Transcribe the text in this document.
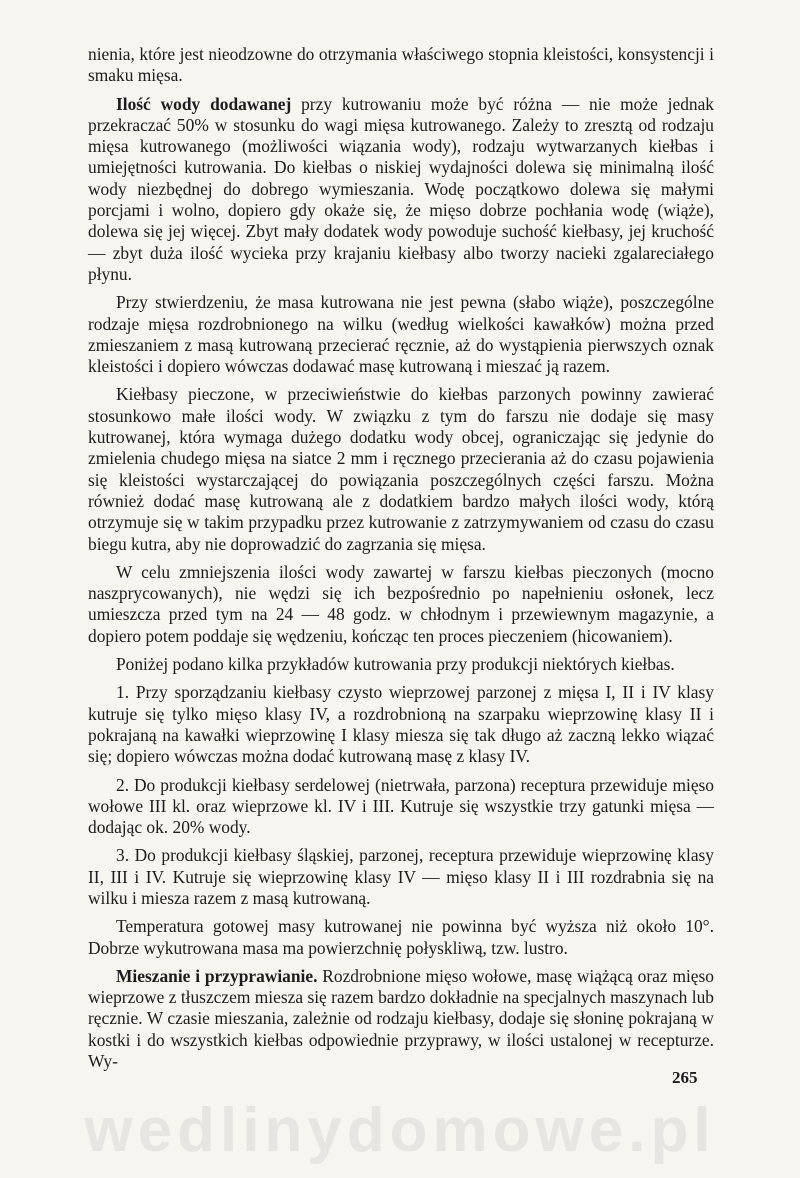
nienia, które jest nieodzowne do otrzymania właściwego stopnia kleistości, konsystencji i smaku mięsa.

Ilość wody dodawanej przy kutrowaniu może być różna — nie może jednak przekraczać 50% w stosunku do wagi mięsa kutrowanego. Zależy to zresztą od rodzaju mięsa kutrowanego (możliwości wiązania wody), rodzaju wytwarzanych kiełbas i umiejętności kutrowania. Do kiełbas o niskiej wydajności dolewa się minimalną ilość wody niezbędnej do dobrego wymieszania. Wodę początkowo dolewa się małymi porcjami i wolno, dopiero gdy okaże się, że mięso dobrze pochłania wodę (wiąże), dolewa się jej więcej. Zbyt mały dodatek wody powoduje suchość kiełbasy, jej kruchość — zbyt duża ilość wycieka przy krajaniu kiełbasy albo tworzy nacieki zgalareciałego płynu.

Przy stwierdzeniu, że masa kutrowana nie jest pewna (słabo wiąże), poszczególne rodzaje mięsa rozdrobnionego na wilku (według wielkości kawałków) można przed zmieszaniem z masą kutrowaną przecierać ręcznie, aż do wystąpienia pierwszych oznak kleistości i dopiero wówczas dodawać masę kutrowaną i mieszać ją razem.

Kiełbasy pieczone, w przeciwieństwie do kiełbas parzonych powinny zawierać stosunkowo małe ilości wody. W związku z tym do farszu nie dodaje się masy kutrowanej, która wymaga dużego dodatku wody obcej, ograniczając się jedynie do zmielenia chudego mięsa na siatce 2 mm i ręcznego przecierania aż do czasu pojawienia się kleistości wystarczającej do powiązania poszczególnych części farszu. Można również dodać masę kutrowaną ale z dodatkiem bardzo małych ilości wody, którą otrzymuje się w takim przypadku przez kutrowanie z zatrzymywaniem od czasu do czasu biegu kutra, aby nie doprowadzić do zagrzania się mięsa.

W celu zmniejszenia ilości wody zawartej w farszu kiełbas pieczonych (mocno naszprycowanych), nie wędzi się ich bezpośrednio po napełnieniu osłonek, lecz umieszcza przed tym na 24 — 48 godz. w chłodnym i przewiewnym magazynie, a dopiero potem poddaje się wędzeniu, kończąc ten proces pieczeniem (hicowaniem).

Poniżej podano kilka przykładów kutrowania przy produkcji niektórych kiełbas.

1. Przy sporządzaniu kiełbasy czysto wieprzowej parzonej z mięsa I, II i IV klasy kutruje się tylko mięso klasy IV, a rozdrobnioną na szarpaku wieprzowinę klasy II i pokrajaną na kawałki wieprzowinę I klasy miesza się tak długo aż zaczną lekko wiązać się; dopiero wówczas można dodać kutrowaną masę z klasy IV.

2. Do produkcji kiełbasy serdelowej (nietrwała, parzona) receptura przewiduje mięso wołowe III kl. oraz wieprzowe kl. IV i III. Kutruje się wszystkie trzy gatunki mięsa — dodając ok. 20% wody.

3. Do produkcji kiełbasy śląskiej, parzonej, receptura przewiduje wieprzowinę klasy II, III i IV. Kutruje się wieprzowinę klasy IV — mięso klasy II i III rozdrabnia się na wilku i miesza razem z masą kutrowaną.

Temperatura gotowej masy kutrowanej nie powinna być wyższa niż około 10°. Dobrze wykutrowana masa ma powierzchnię połyskliwą, tzw. lustro.

Mieszanie i przyprawianie. Rozdrobnione mięso wołowe, masę wiążącą oraz mięso wieprzowe z tłuszczem miesza się razem bardzo dokładnie na specjalnych maszynach lub ręcznie. W czasie mieszania, zależnie od rodzaju kiełbasy, dodaje się słoninę pokrajaną w kostki i do wszystkich kiełbas odpowiednie przyprawy, w ilości ustalonej w recepturze. Wy-

265
wedlinydomowe.pl
